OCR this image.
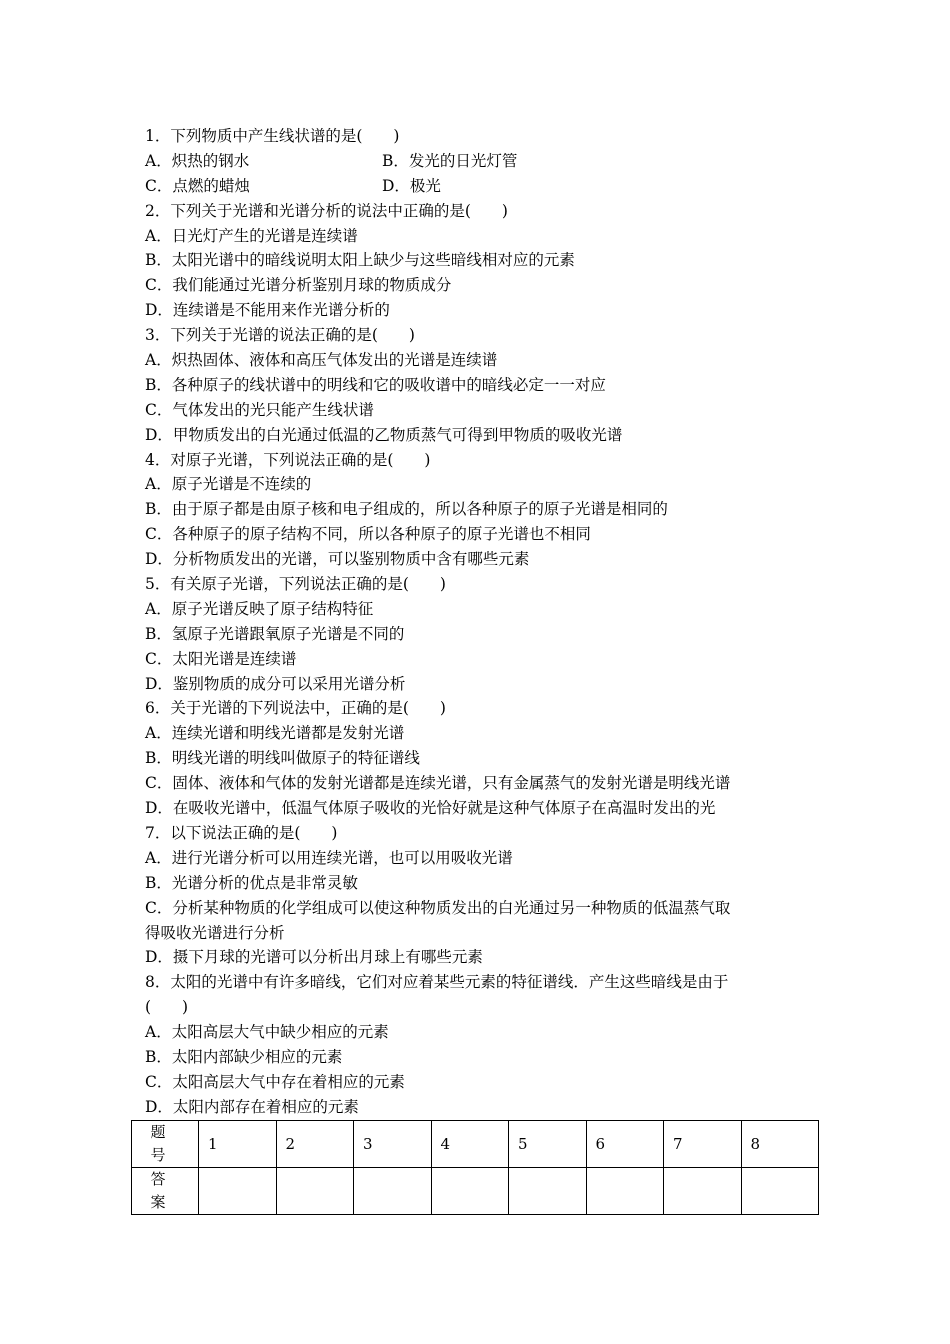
1．下列物质中产生线状谱的是(　　)
A．炽热的钢水	B．发光的日光灯管
C．点燃的蜡烛	D．极光
2．下列关于光谱和光谱分析的说法中正确的是(　　)
A．日光灯产生的光谱是连续谱
B．太阳光谱中的暗线说明太阳上缺少与这些暗线相对应的元素
C．我们能通过光谱分析鉴别月球的物质成分
D．连续谱是不能用来作光谱分析的
3．下列关于光谱的说法正确的是(　　)
A．炽热固体、液体和高压气体发出的光谱是连续谱
B．各种原子的线状谱中的明线和它的吸收谱中的暗线必定一一对应
C．气体发出的光只能产生线状谱
D．甲物质发出的白光通过低温的乙物质蒸气可得到甲物质的吸收光谱
4．对原子光谱，下列说法正确的是(　　)
A．原子光谱是不连续的
B．由于原子都是由原子核和电子组成的，所以各种原子的原子光谱是相同的
C．各种原子的原子结构不同，所以各种原子的原子光谱也不相同
D．分析物质发出的光谱，可以鉴别物质中含有哪些元素
5．有关原子光谱，下列说法正确的是(　　)
A．原子光谱反映了原子结构特征
B．氢原子光谱跟氧原子光谱是不同的
C．太阳光谱是连续谱
D．鉴别物质的成分可以采用光谱分析
6．关于光谱的下列说法中，正确的是(　　)
A．连续光谱和明线光谱都是发射光谱
B．明线光谱的明线叫做原子的特征谱线
C．固体、液体和气体的发射光谱都是连续光谱，只有金属蒸气的发射光谱是明线光谱
D．在吸收光谱中，低温气体原子吸收的光恰好就是这种气体原子在高温时发出的光
7．以下说法正确的是(　　)
A．进行光谱分析可以用连续光谱，也可以用吸收光谱
B．光谱分析的优点是非常灵敏
C．分析某种物质的化学组成可以使这种物质发出的白光通过另一种物质的低温蒸气取
得吸收光谱进行分析
D．摄下月球的光谱可以分析出月球上有哪些元素
8．太阳的光谱中有许多暗线，它们对应着某些元素的特征谱线．产生这些暗线是由于
(　　)
A．太阳高层大气中缺少相应的元素
B．太阳内部缺少相应的元素
C．太阳高层大气中存在着相应的元素
D．太阳内部存在着相应的元素
题　号	1	2	3	4	5	6	7	8
答　案								
